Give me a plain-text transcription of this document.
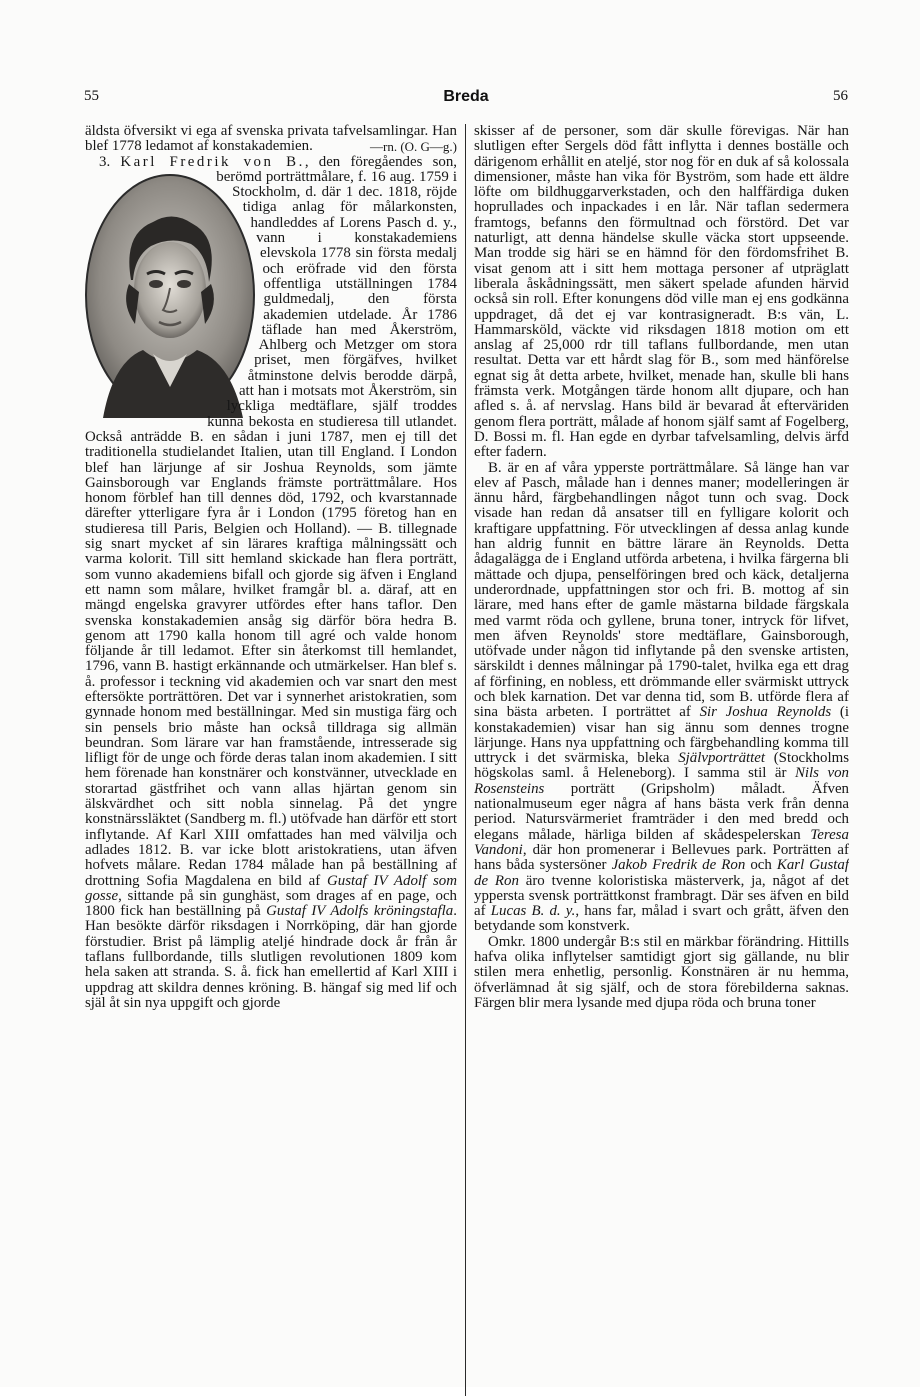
55	Breda	56

äldsta öfversikt vi ega af svenska privata tafvelsamlingar. Han blef 1778 ledamot af konstakademien.	—rn. (O. G—g.)

3. Karl Fredrik von B.
, den föregåendes son, berömd porträttmålare, f. 16 aug. 1759 i Stockholm, d. där 1 dec. 1818, röjde tidiga anlag för målarkonsten, handleddes af Lorens Pasch d. y., vann i konstakademiens elevskola 1778 sin första medalj och eröfrade vid den första offentliga utställningen 1784 guldmedalj, den första akademien utdelade. År 1786 täflade han med Åkerström, Ahlberg och Metzger om stora priset, men förgäfves, hvilket åtminstone delvis berodde därpå, att han i motsats mot Åkerström, sin lyckliga medtäflare, själf troddes kunna bekosta en studieresa till utlandet. Också anträdde B. en sådan i juni 1787, men ej till det traditionella studielandet Italien, utan till England. I London blef han lärjunge af sir Joshua Reynolds, som jämte Gainsborough var Englands främste porträttmålare. Hos honom förblef han till dennes död, 1792, och kvarstannade därefter ytterligare fyra år i London (1795 företog han en studieresa till Paris, Belgien och Holland). — B. tillegnade sig snart mycket af sin lärares kraftiga målningssätt och varma kolorit. Till sitt hemland skickade han flera porträtt, som vunno akademiens bifall och gjorde sig äfven i England ett namn som målare, hvilket framgår bl. a. däraf, att en mängd engelska gravyrer utfördes efter hans taflor. Den svenska konstakademien ansåg sig därför böra hedra B. genom att 1790 kalla honom till agré och valde honom följande år till ledamot. Efter sin återkomst till hemlandet, 1796, vann B. hastigt erkännande och utmärkelser. Han blef s. å. professor i teckning vid akademien och var snart den mest eftersökte porträttören. Det var i synnerhet aristokratien, som gynnade honom med beställningar. Med sin mustiga färg och sin pensels brio måste han också tilldraga sig allmän beundran. Som lärare var han framstående, intresserade sig lifligt för de unge och förde deras talan inom akademien. I sitt hem förenade han konstnärer och konstvänner, utvecklade en storartad gästfrihet och vann allas hjärtan genom sin älskvärdhet och sitt nobla sinnelag. På det yngre konstnärssläktet (Sandberg m. fl.) utöfvade han därför ett stort inflytande. Af Karl XIII omfattades han med välvilja och adlades 1812. B. var icke blott aristokratiens, utan äfven hofvets målare. Redan 1784 målade han på beställning af drottning Sofia Magdalena en bild af Gustaf IV Adolf som gosse, sittande på sin gunghäst, som drages af en page, och 1800 fick han beställning på Gustaf IV Adolfs kröningstafla. Han besökte därför riksdagen i Norrköping, där han gjorde förstudier. Brist på lämplig ateljé hindrade dock år från år taflans fullbordande, tills slutligen revolutionen 1809 kom hela saken att stranda. S. å. fick han emellertid af Karl XIII i uppdrag att skildra dennes kröning. B. hängaf sig med lif och själ åt sin nya uppgift och gjorde

skisser af de personer, som där skulle förevigas. När han slutligen efter Sergels död fått inflytta i dennes boställe och därigenom erhållit en ateljé, stor nog för en duk af så kolossala dimensioner, måste han vika för Byström, som hade ett äldre löfte om bildhuggarverkstaden, och den halffärdiga duken hoprullades och inpackades i en lår. När taflan sedermera framtogs, befanns den förmultnad och förstörd. Det var naturligt, att denna händelse skulle väcka stort uppseende. Man trodde sig häri se en hämnd för den fördomsfrihet B. visat genom att i sitt hem mottaga personer af utpräglatt liberala åskådningssätt, men säkert spelade afunden härvid också sin roll. Efter konungens död ville man ej ens godkänna uppdraget, då det ej var kontrasigneradt. B:s vän, L. Hammarsköld, väckte vid riksdagen 1818 motion om ett anslag af 25,000 rdr till taflans fullbordande, men utan resultat. Detta var ett hårdt slag för B., som med hänförelse egnat sig åt detta arbete, hvilket, menade han, skulle bli hans främsta verk. Motgången tärde honom allt djupare, och han afled s. å. af nervslag. Hans bild är bevarad åt efterväriden genom flera porträtt, målade af honom själf samt af Fogelberg, D. Bossi m. fl. Han egde en dyrbar tafvelsamling, delvis ärfd efter fadern.

B. är en af våra ypperste porträttmålare. Så länge han var elev af Pasch, målade han i dennes maner; modelleringen är ännu hård, färgbehandlingen något tunn och svag. Dock visade han redan då ansatser till en fylligare kolorit och kraftigare uppfattning. För utvecklingen af dessa anlag kunde han aldrig funnit en bättre lärare än Reynolds. Detta ådagalägga de i England utförda arbetena, i hvilka färgerna bli mättade och djupa, penselföringen bred och käck, detaljerna underordnade, uppfattningen stor och fri. B. mottog af sin lärare, med hans efter de gamle mästarna bildade färgskala med varmt röda och gyllene, bruna toner, intryck för lifvet, men äfven Reynolds' store medtäflare, Gainsborough, utöfvade under någon tid inflytande på den svenske artisten, särskildt i dennes målningar på 1790-talet, hvilka ega ett drag af förfining, en nobless, ett drömmande eller svärmiskt uttryck och blek karnation. Det var denna tid, som B. utförde flera af sina bästa arbeten. I porträttet af Sir Joshua Reynolds (i konstakademien) visar han sig ännu som dennes trogne lärjunge. Hans nya uppfattning och färgbehandling komma till uttryck i det svärmiska, bleka Självporträttet (Stockholms högskolas saml. å Heleneborg). I samma stil är Nils von Rosensteins porträtt (Gripsholm) måladt. Äfven nationalmuseum eger några af hans bästa verk från denna period. Natursvärmeriet framträder i den med bredd och elegans målade, härliga bilden af skådespelerskan Teresa Vandoni, där hon promenerar i Bellevues park. Porträtten af hans båda systersöner Jakob Fredrik de Ron och Karl Gustaf de Ron äro tvenne koloristiska mästerverk, ja, något af det yppersta svensk porträttkonst frambragt. Där ses äfven en bild af Lucas B. d. y., hans far, målad i svart och grått, äfven den betydande som konstverk.

Omkr. 1800 undergår B:s stil en märkbar förändring. Hittills hafva olika inflytelser samtidigt gjort sig gällande, nu blir stilen mera enhetlig, personlig. Konstnären är nu hemma, öfverlämnad åt sig själf, och de stora förebilderna saknas. Färgen blir mera lysande med djupa röda och bruna toner
